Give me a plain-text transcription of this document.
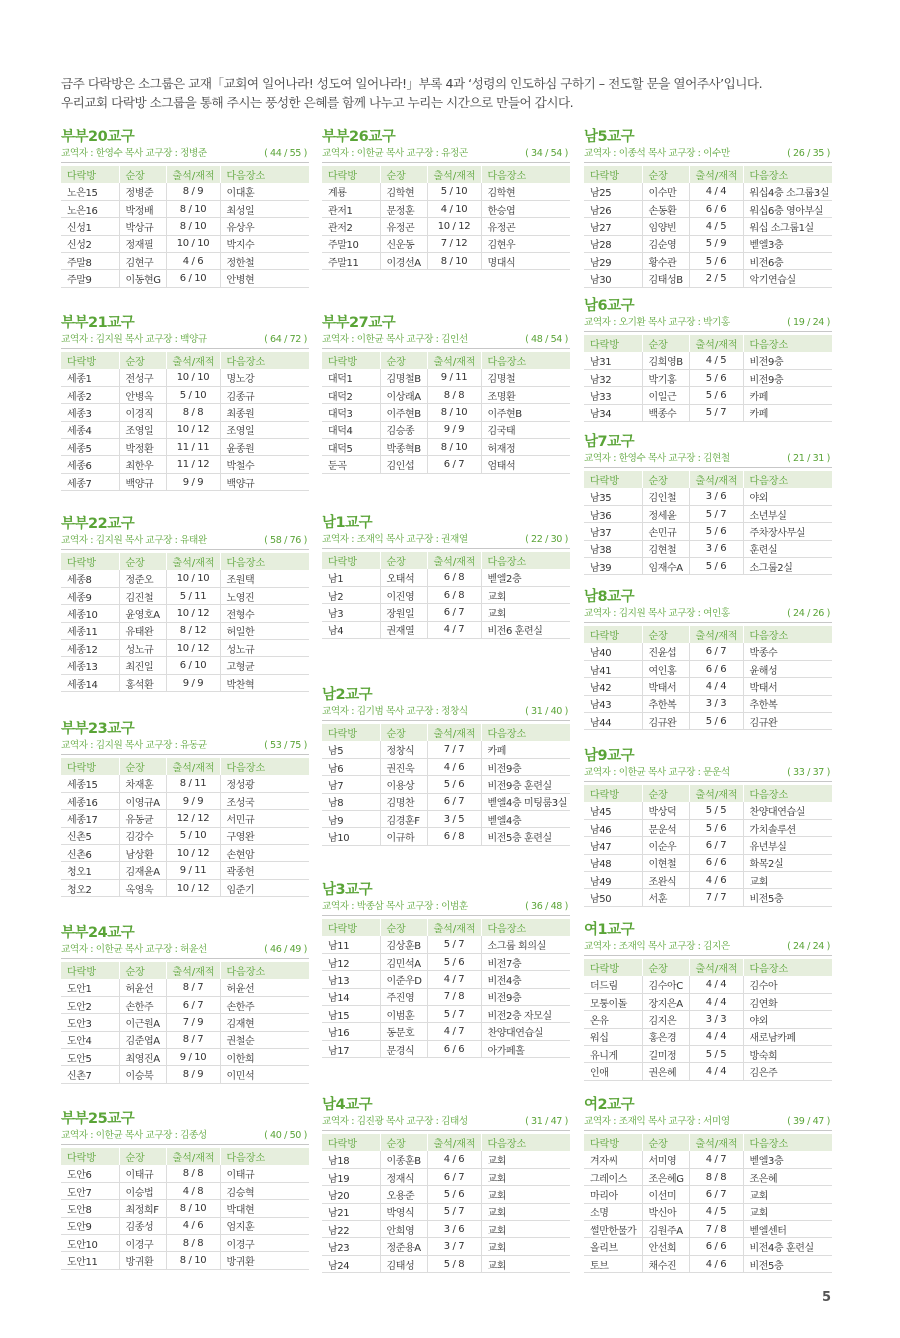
금주 다락방은 소그룹은 교재「교회여 일어나라! 성도여 일어나라!」부록 4과 ‘성령의 인도하심 구하기 – 전도할 문을 열어주사’입니다.

우리교회 다락방 소그룹을 통해 주시는 풍성한 은혜를 함께 나누고 누리는 시간으로 만들어 갑시다.

부부20교구
교역자 : 한영수 목사 교구장 : 정병준	( 44 / 55 )
다락방	순장	출석/재적	다음장소
노은15	정병준	8 / 9	이대훈
노은16	박정배	8 / 10	최성일
신성1	박상규	8 / 10	유상우
신성2	정재필	10 / 10	박지수
주말8	김현구	4 / 6	정한철
주말9	이동현G	6 / 10	안병현
부부21교구
교역자 : 김지원 목사 교구장 : 백양규	( 64 / 72 )
다락방	순장	출석/재적	다음장소
세종1	전성구	10 / 10	명노강
세종2	안병옥	5 / 10	김종규
세종3	이경직	8 / 8	최종원
세종4	조영일	10 / 12	조영일
세종5	박정환	11 / 11	윤종원
세종6	최한우	11 / 12	박철수
세종7	백양규	9 / 9	백양규
부부22교구
교역자 : 김지원 목사 교구장 : 유태완	( 58 / 76 )
다락방	순장	출석/재적	다음장소
세종8	정준오	10 / 10	조원택
세종9	김진철	5 / 11	노영진
세종10	윤영호A	10 / 12	전형수
세종11	유태완	8 / 12	허일한
세종12	성노규	10 / 12	성노규
세종13	최진일	6 / 10	고형균
세종14	홍석환	9 / 9	박찬혁
부부23교구
교역자 : 김지원 목사 교구장 : 유동균	( 53 / 75 )
다락방	순장	출석/재적	다음장소
세종15	차재훈	8 / 11	정성광
세종16	이영규A	9 / 9	조성국
세종17	유동균	12 / 12	서민규
신촌5	김강수	5 / 10	구영완
신촌6	남상환	10 / 12	손현암
청오1	김재윤A	9 / 11	곽종헌
청오2	옥영욱	10 / 12	임준기
부부24교구
교역자 : 이한균 목사 교구장 : 허윤선	( 46 / 49 )
다락방	순장	출석/재적	다음장소
도안1	허윤선	8 / 7	허윤선
도안2	손한주	6 / 7	손한주
도안3	이근원A	7 / 9	김재현
도안4	김준엽A	8 / 7	권철순
도안5	최영진A	9 / 10	이한희
신촌7	이승북	8 / 9	이민석
부부25교구
교역자 : 이한균 목사 교구장 : 김종성	( 40 / 50 )
다락방	순장	출석/재적	다음장소
도안6	이태규	8 / 8	이태규
도안7	이승법	4 / 8	김승혁
도안8	최정희F	8 / 10	박대현
도안9	김종성	4 / 6	엄지훈
도안10	이경구	8 / 8	이경구
도안11	방귀환	8 / 10	방귀환
부부26교구
교역자 : 이한균 목사 교구장 : 유정곤	( 34 / 54 )
다락방	순장	출석/재적	다음장소
계룡	김학현	5 / 10	김학현
관저1	문정훈	4 / 10	한승엽
관저2	유정곤	10 / 12	유정곤
주말10	신운동	7 / 12	김현우
주말11	이경선A	8 / 10	명대식
부부27교구
교역자 : 이한균 목사 교구장 : 김인선	( 48 / 54 )
다락방	순장	출석/재적	다음장소
대덕1	김명철B	9 / 11	김명철
대덕2	이상래A	8 / 8	조명환
대덕3	이주현B	8 / 10	이주현B
대덕4	김승종	9 / 9	김국태
대덕5	박종혁B	8 / 10	허재정
둔곡	김인섭	6 / 7	엄태석
남1교구
교역자 : 조재익 목사 교구장 : 권재열	( 22 / 30 )
다락방	순장	출석/재적	다음장소
남1	오태석	6 / 8	벧엘2층
남2	이진영	6 / 8	교회
남3	장원일	6 / 7	교회
남4	권재열	4 / 7	비전6 훈련실
남2교구
교역자 : 김기범 목사 교구장 : 정창식	( 31 / 40 )
다락방	순장	출석/재적	다음장소
남5	정창식	7 / 7	카페
남6	권진욱	4 / 6	비전9층
남7	이용상	5 / 6	비전9층 훈련실
남8	김명찬	6 / 7	벧엘4층 미팅룸3실
남9	김경훈F	3 / 5	벧엘4층
남10	이규하	6 / 8	비전5층 훈련실
남3교구
교역자 : 박종삼 목사 교구장 : 이범훈	( 36 / 48 )
다락방	순장	출석/재적	다음장소
남11	김상훈B	5 / 7	소그룹 회의실
남12	김민석A	5 / 6	비전7층
남13	이준우D	4 / 7	비전4층
남14	주진영	7 / 8	비전9층
남15	이범훈	5 / 7	비전2층 자모실
남16	동문호	4 / 7	찬양대연습실
남17	문경식	6 / 6	아가페홀
남4교구
교역자 : 김진광 목사 교구장 : 김태성	( 31 / 47 )
다락방	순장	출석/재적	다음장소
남18	이종훈B	4 / 6	교회
남19	정재식	6 / 7	교회
남20	오용준	5 / 6	교회
남21	박영식	5 / 7	교회
남22	안희영	3 / 6	교회
남23	정준용A	3 / 7	교회
남24	김태성	5 / 8	교회
남5교구
교역자 : 이종석 목사 교구장 : 이수만	( 26 / 35 )
다락방	순장	출석/재적	다음장소
남25	이수만	4 / 4	워십4층 소그룹3실
남26	손동환	6 / 6	워십6층 영아부실
남27	임양빈	4 / 5	워십 소그룹1실
남28	김순영	5 / 9	벧엘3층
남29	황수관	5 / 6	비전6층
남30	김태성B	2 / 5	악기연습실
남6교구
교역자 : 오기환 목사 교구장 : 박기홍	( 19 / 24 )
다락방	순장	출석/재적	다음장소
남31	김희영B	4 / 5	비전9층
남32	박기홍	5 / 6	비전9층
남33	이일근	5 / 6	카페
남34	백종수	5 / 7	카페
남7교구
교역자 : 한영수 목사 교구장 : 김현철	( 21 / 31 )
다락방	순장	출석/재적	다음장소
남35	김인철	3 / 6	야외
남36	정세윤	5 / 7	소년부실
남37	손민규	5 / 6	주차장사무실
남38	김현철	3 / 6	훈련실
남39	임재수A	5 / 6	소그룹2실
남8교구
교역자 : 김지원 목사 교구장 : 여인홍	( 24 / 26 )
다락방	순장	출석/재적	다음장소
남40	진윤섭	6 / 7	박종수
남41	여인홍	6 / 6	윤해성
남42	박태서	4 / 4	박태서
남43	추한복	3 / 3	추한복
남44	김규완	5 / 6	김규완
남9교구
교역자 : 이한균 목사 교구장 : 문운석	( 33 / 37 )
다락방	순장	출석/재적	다음장소
남45	박상덕	5 / 5	찬양대연습실
남46	문운석	5 / 6	가치솔루션
남47	이순우	6 / 7	유년부실
남48	이현철	6 / 6	화목2실
남49	조완식	4 / 6	교회
남50	서훈	7 / 7	비전5층
여1교구
교역자 : 조재익 목사 교구장 : 김지은	( 24 / 24 )
다락방	순장	출석/재적	다음장소
더드림	김수아C	4 / 4	김수아
모퉁이돌	장지은A	4 / 4	김연화
온유	김지은	3 / 3	야외
워십	홍은경	4 / 4	새로남카페
유니게	길미정	5 / 5	방숙희
인애	권은혜	4 / 4	김은주
여2교구
교역자 : 조재익 목사 교구장 : 서미영	( 39 / 47 )
다락방	순장	출석/재적	다음장소
겨자씨	서미영	4 / 7	벧엘3층
그레이스	조은혜G	8 / 8	조은혜
마리아	이선미	6 / 7	교회
소명	박신아	4 / 5	교회
썰만한물가	김원주A	7 / 8	벧엘센터
올리브	안선희	6 / 6	비전4층 훈련실
토브	채수진	4 / 6	비전5층
5
